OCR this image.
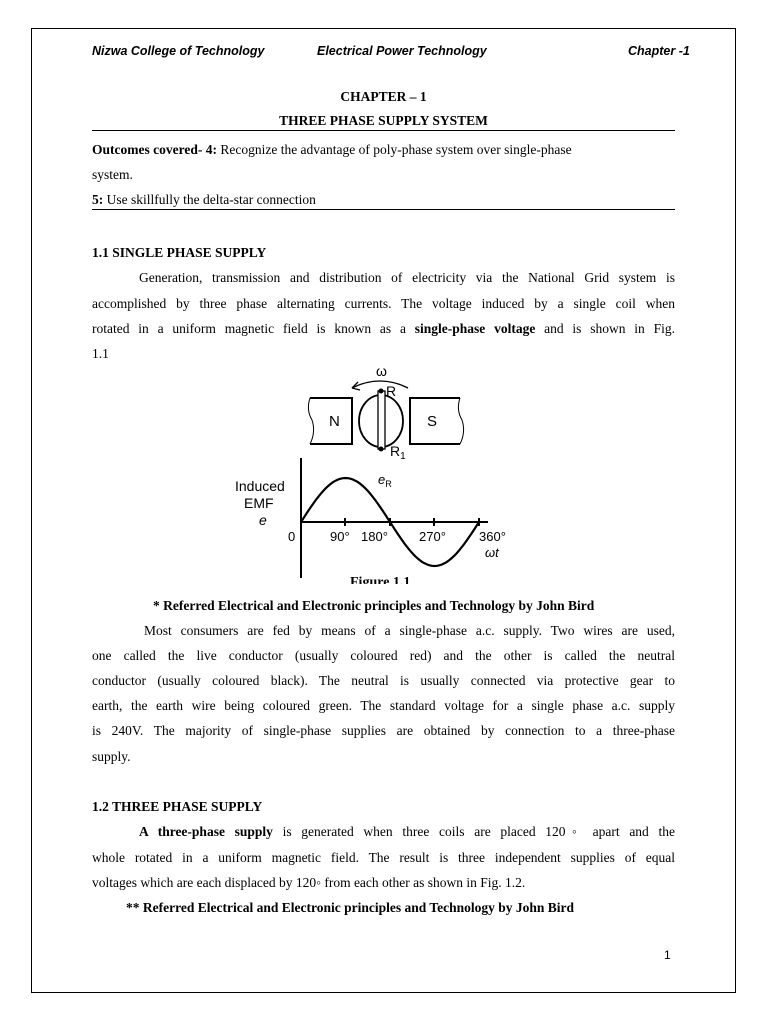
Nizwa College of Technology	Electrical Power Technology	Chapter -1
CHAPTER – 1
THREE PHASE SUPPLY SYSTEM
Outcomes covered- 4: Recognize the advantage of poly-phase system over single-phase
system.
5: Use skillfully the delta-star connection
1.1 SINGLE PHASE SUPPLY
Generation, transmission and distribution of electricity via the National Grid system is
accomplished by three phase alternating currents. The voltage induced by a single coil when
rotated in a uniform magnetic field is known as a single-phase voltage and is shown in Fig.
1.1
ω
N	S
R
$R_1$
Induced
EMF
e
$e_R$
0	90° 180° 270°	360°
ωt
Figure 1.1
* Referred Electrical and Electronic principles and Technology by John Bird
Most consumers are fed by means of a single-phase a.c. supply. Two wires are used,
one called the live conductor (usually coloured red) and the other is called the neutral
conductor (usually coloured black). The neutral is usually connected via protective gear to
earth, the earth wire being coloured green. The standard voltage for a single phase a.c. supply
is 240V. The majority of single-phase supplies are obtained by connection to a three-phase
supply.
1.2 THREE PHASE SUPPLY
A three-phase supply is generated when three coils are placed 120◦ apart and the
whole rotated in a uniform magnetic field. The result is three independent supplies of equal
voltages which are each displaced by 120◦ from each other as shown in Fig. 1.2.
** Referred Electrical and Electronic principles and Technology by John Bird
1
